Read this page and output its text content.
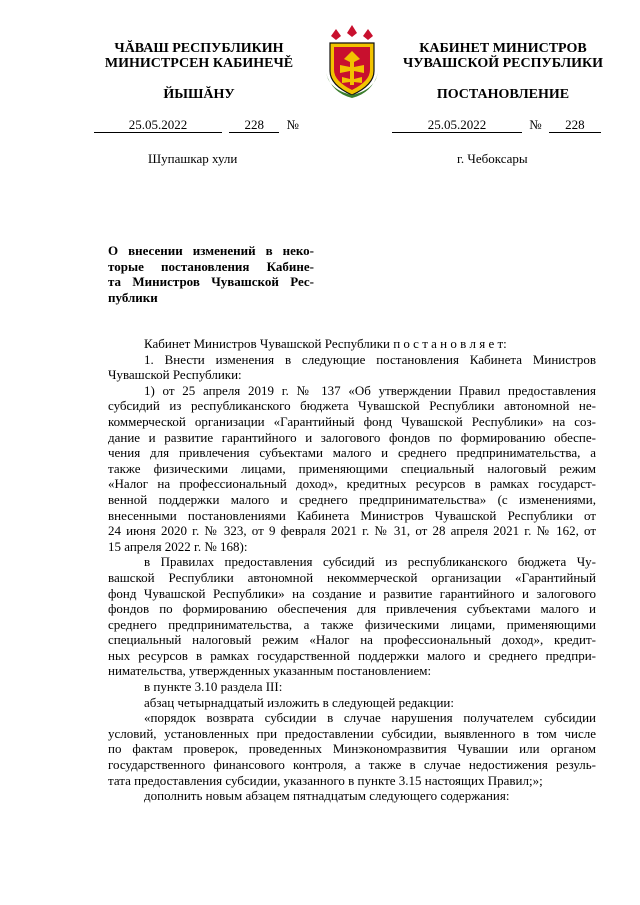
ЧĂВАШ РЕСПУБЛИКИН
МИНИСТРСЕН КАБИНЕЧĚ
ЙЫШĂНУ
КАБИНЕТ МИНИСТРОВ
ЧУВАШСКОЙ РЕСПУБЛИКИ
ПОСТАНОВЛЕНИЕ
25.05.2022	228 №	25.05.2022	№ 228
Шупашкар хули	г. Чебоксары
О внесении изменений в неко-
торые постановления Кабине-
та Министров Чувашской Рес-
публики
Кабинет Министров Чувашской Республики п о с т а н о в л я е т:
1. Внести изменения в следующие постановления Кабинета Министров
Чувашской Республики:
1) от 25 апреля 2019 г. № 137 «Об утверждении Правил предоставления
субсидий из республиканского бюджета Чувашской Республики автономной не-
коммерческой организации «Гарантийный фонд Чувашской Республики» на соз-
дание и развитие гарантийного и залогового фондов по формированию обеспе-
чения для привлечения субъектами малого и среднего предпринимательства, а
также физическими лицами, применяющими специальный налоговый режим
«Налог на профессиональный доход», кредитных ресурсов в рамках государст-
венной поддержки малого и среднего предпринимательства» (с изменениями,
внесенными постановлениями Кабинета Министров Чувашской Республики от
24 июня 2020 г. № 323, от 9 февраля 2021 г. № 31, от 28 апреля 2021 г. № 162, от
15 апреля 2022 г. № 168):
в Правилах предоставления субсидий из республиканского бюджета Чу-
вашской Республики автономной некоммерческой организации «Гарантийный
фонд Чувашской Республики» на создание и развитие гарантийного и залогового
фондов по формированию обеспечения для привлечения субъектами малого и
среднего предпринимательства, а также физическими лицами, применяющими
специальный налоговый режим «Налог на профессиональный доход», кредит-
ных ресурсов в рамках государственной поддержки малого и среднего предпри-
нимательства, утвержденных указанным постановлением:
в пункте 3.10 раздела III:
абзац четырнадцатый изложить в следующей редакции:
«порядок возврата субсидии в случае нарушения получателем субсидии
условий, установленных при предоставлении субсидии, выявленного в том числе
по фактам проверок, проведенных Минэкономразвития Чувашии или органом
государственного финансового контроля, а также в случае недостижения резуль-
тата предоставления субсидии, указанного в пункте 3.15 настоящих Правил;»;
дополнить новым абзацем пятнадцатым следующего содержания:
